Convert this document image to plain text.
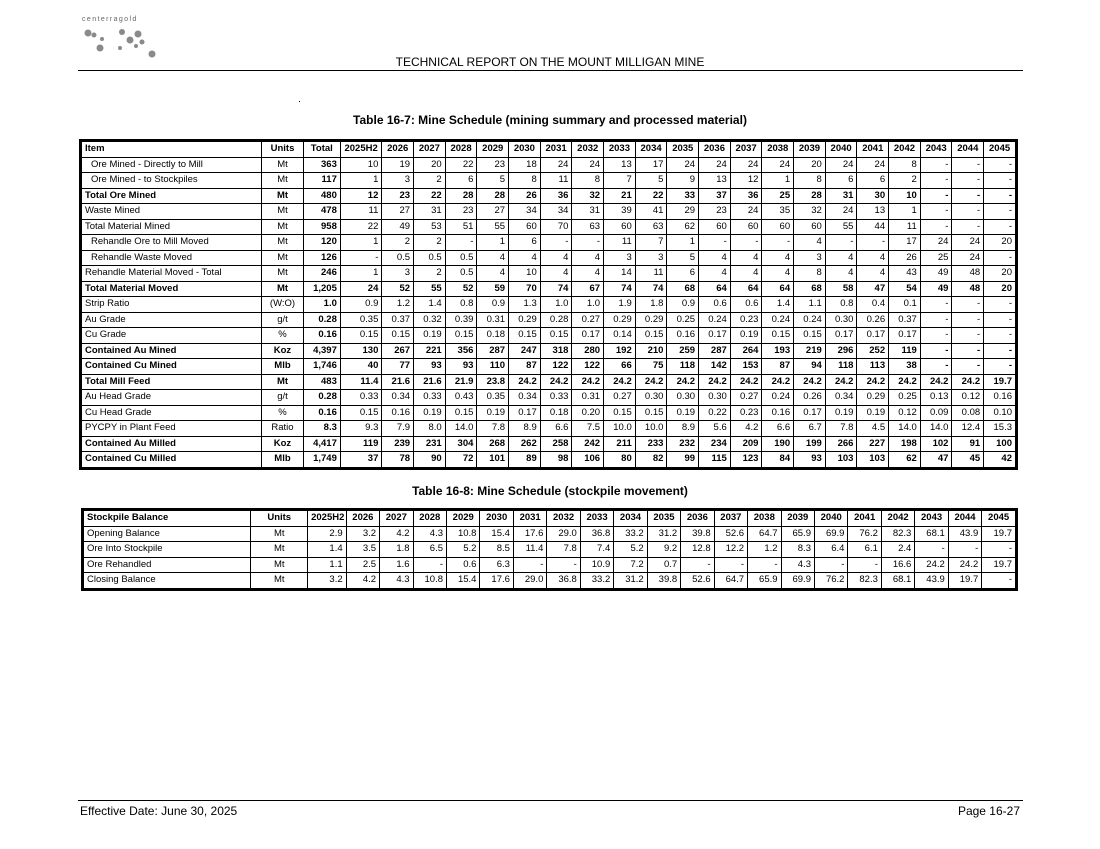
centerragold
TECHNICAL REPORT ON THE MOUNT MILLIGAN MINE
Table 16-7: Mine Schedule (mining summary and processed material)
Item	Units	Total	2025H2	2026	2027	2028	2029	2030	2031	2032	2033	2034	2035	2036	2037	2038	2039	2040	2041	2042	2043	2044	2045
Ore Mined - Directly to Mill	Mt	363	10	19	20	22	23	18	24	24	13	17	24	24	24	24	20	24	24	8	-	-	-
Ore Mined - to Stockpiles	Mt	117	1	3	2	6	5	8	11	8	7	5	9	13	12	1	8	6	6	2	-	-	-
Total Ore Mined	Mt	480	12	23	22	28	28	26	36	32	21	22	33	37	36	25	28	31	30	10	-	-	-
Waste Mined	Mt	478	11	27	31	23	27	34	34	31	39	41	29	23	24	35	32	24	13	1	-	-	-
Total Material Mined	Mt	958	22	49	53	51	55	60	70	63	60	63	62	60	60	60	60	55	44	11	-	-	-
Rehandle Ore to Mill Moved	Mt	120	1	2	2	-	1	6	-	-	11	7	1	-	-	-	4	-	-	17	24	24	20
Rehandle Waste Moved	Mt	126	-	0.5	0.5	0.5	4	4	4	4	3	3	5	4	4	4	3	4	4	26	25	24	-
Rehandle Material Moved - Total	Mt	246	1	3	2	0.5	4	10	4	4	14	11	6	4	4	4	8	4	4	43	49	48	20
Total Material Moved	Mt	1,205	24	52	55	52	59	70	74	67	74	74	68	64	64	64	68	58	47	54	49	48	20
Strip Ratio	(W:O)	1.0	0.9	1.2	1.4	0.8	0.9	1.3	1.0	1.0	1.9	1.8	0.9	0.6	0.6	1.4	1.1	0.8	0.4	0.1	-	-	-
Au Grade	g/t	0.28	0.35	0.37	0.32	0.39	0.31	0.29	0.28	0.27	0.29	0.29	0.25	0.24	0.23	0.24	0.24	0.30	0.26	0.37	-	-	-
Cu Grade	%	0.16	0.15	0.15	0.19	0.15	0.18	0.15	0.15	0.17	0.14	0.15	0.16	0.17	0.19	0.15	0.15	0.17	0.17	0.17	-	-	-
Contained Au Mined	Koz	4,397	130	267	221	356	287	247	318	280	192	210	259	287	264	193	219	296	252	119	-	-	-
Contained Cu Mined	Mlb	1,746	40	77	93	93	110	87	122	122	66	75	118	142	153	87	94	118	113	38	-	-	-
Total Mill Feed	Mt	483	11.4	21.6	21.6	21.9	23.8	24.2	24.2	24.2	24.2	24.2	24.2	24.2	24.2	24.2	24.2	24.2	24.2	24.2	24.2	24.2	19.7
Au Head Grade	g/t	0.28	0.33	0.34	0.33	0.43	0.35	0.34	0.33	0.31	0.27	0.30	0.30	0.30	0.27	0.24	0.26	0.34	0.29	0.25	0.13	0.12	0.16
Cu Head Grade	%	0.16	0.15	0.16	0.19	0.15	0.19	0.17	0.18	0.20	0.15	0.15	0.19	0.22	0.23	0.16	0.17	0.19	0.19	0.12	0.09	0.08	0.10
PYCPY in Plant Feed	Ratio	8.3	9.3	7.9	8.0	14.0	7.8	8.9	6.6	7.5	10.0	10.0	8.9	5.6	4.2	6.6	6.7	7.8	4.5	14.0	14.0	12.4	15.3
Contained Au Milled	Koz	4,417	119	239	231	304	268	262	258	242	211	233	232	234	209	190	199	266	227	198	102	91	100
Contained Cu Milled	Mlb	1,749	37	78	90	72	101	89	98	106	80	82	99	115	123	84	93	103	103	62	47	45	42
Table 16-8: Mine Schedule (stockpile movement)
Stockpile Balance	Units	2025H2	2026	2027	2028	2029	2030	2031	2032	2033	2034	2035	2036	2037	2038	2039	2040	2041	2042	2043	2044	2045
Opening Balance	Mt	2.9	3.2	4.2	4.3	10.8	15.4	17.6	29.0	36.8	33.2	31.2	39.8	52.6	64.7	65.9	69.9	76.2	82.3	68.1	43.9	19.7
Ore Into Stockpile	Mt	1.4	3.5	1.8	6.5	5.2	8.5	11.4	7.8	7.4	5.2	9.2	12.8	12.2	1.2	8.3	6.4	6.1	2.4	-	-	-
Ore Rehandled	Mt	1.1	2.5	1.6	-	0.6	6.3	-	-	10.9	7.2	0.7	-	-	-	4.3	-	-	16.6	24.2	24.2	19.7
Closing Balance	Mt	3.2	4.2	4.3	10.8	15.4	17.6	29.0	36.8	33.2	31.2	39.8	52.6	64.7	65.9	69.9	76.2	82.3	68.1	43.9	19.7	-
Effective Date: June 30, 2025	Page 16-27
